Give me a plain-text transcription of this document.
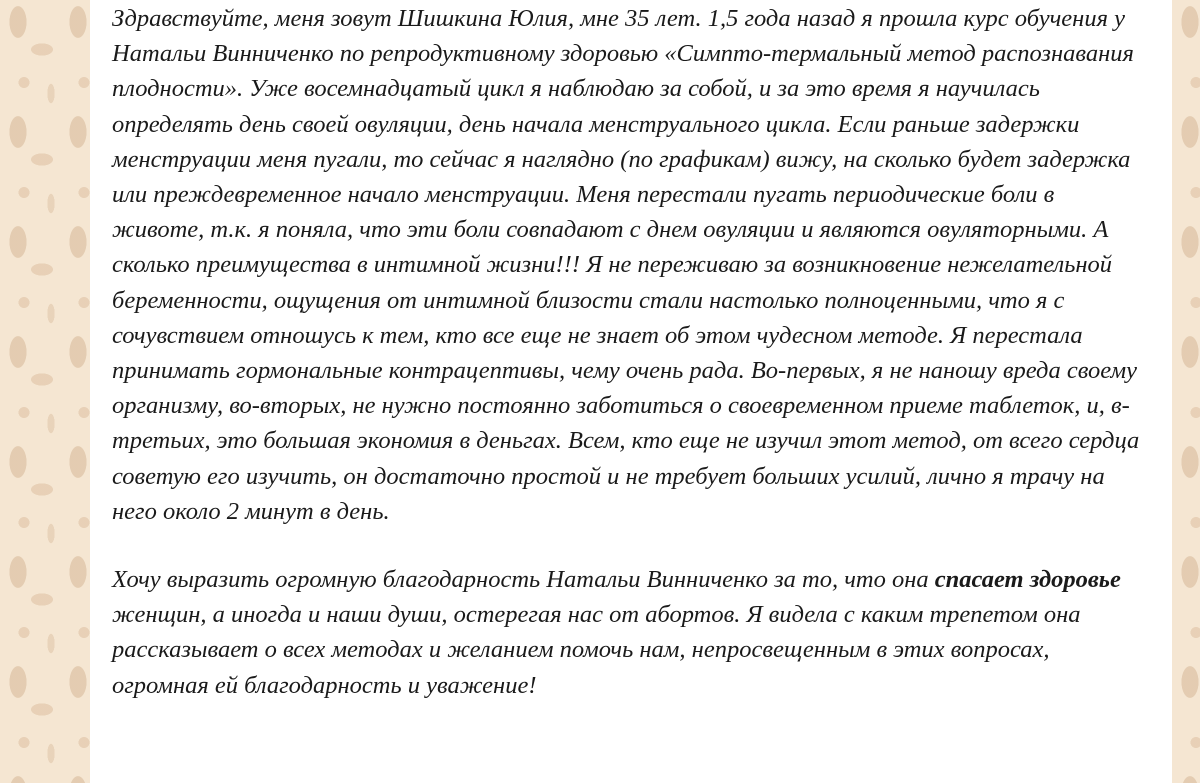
Здравствуйте, меня зовут Шишкина Юлия, мне 35 лет. 1,5 года назад я прошла курс обучения у Натальи Винниченко по репродуктивному здоровью «Симпто-термальный метод распознавания плодности». Уже восемнадцатый цикл я наблюдаю за собой, и за это время я научилась определять день своей овуляции, день начала менструального цикла. Если раньше задержки менструации меня пугали, то сейчас я наглядно (по графикам) вижу, на сколько будет задержка или преждевременное начало менструации. Меня перестали пугать периодические боли в животе, т.к. я поняла, что эти боли совпадают с днем овуляции и являются овуляторными. А сколько преимущества в интимной жизни!!! Я не переживаю за возникновение нежелательной беременности, ощущения от интимной близости стали настолько полноценными, что я с сочувствием отношусь к тем, кто все еще не знает об этом чудесном методе. Я перестала принимать гормональные контрацептивы, чему очень рада. Во-первых, я не наношу вреда своему организму, во-вторых, не нужно постоянно заботиться о своевременном приеме таблеток, и, в-третьих, это большая экономия в деньгах. Всем, кто еще не изучил этот метод, от всего сердца советую его изучить, он достаточно простой и не требует больших усилий, лично я трачу на него около 2 минут в день.

Хочу выразить огромную благодарность Натальи Винниченко за то, что она спасает здоровье женщин, а иногда и наши души, остерегая нас от абортов. Я видела с каким трепетом она рассказывает о всех методах и желанием помочь нам, непросвещенным в этих вопросах, огромная ей благодарность и уважение!
